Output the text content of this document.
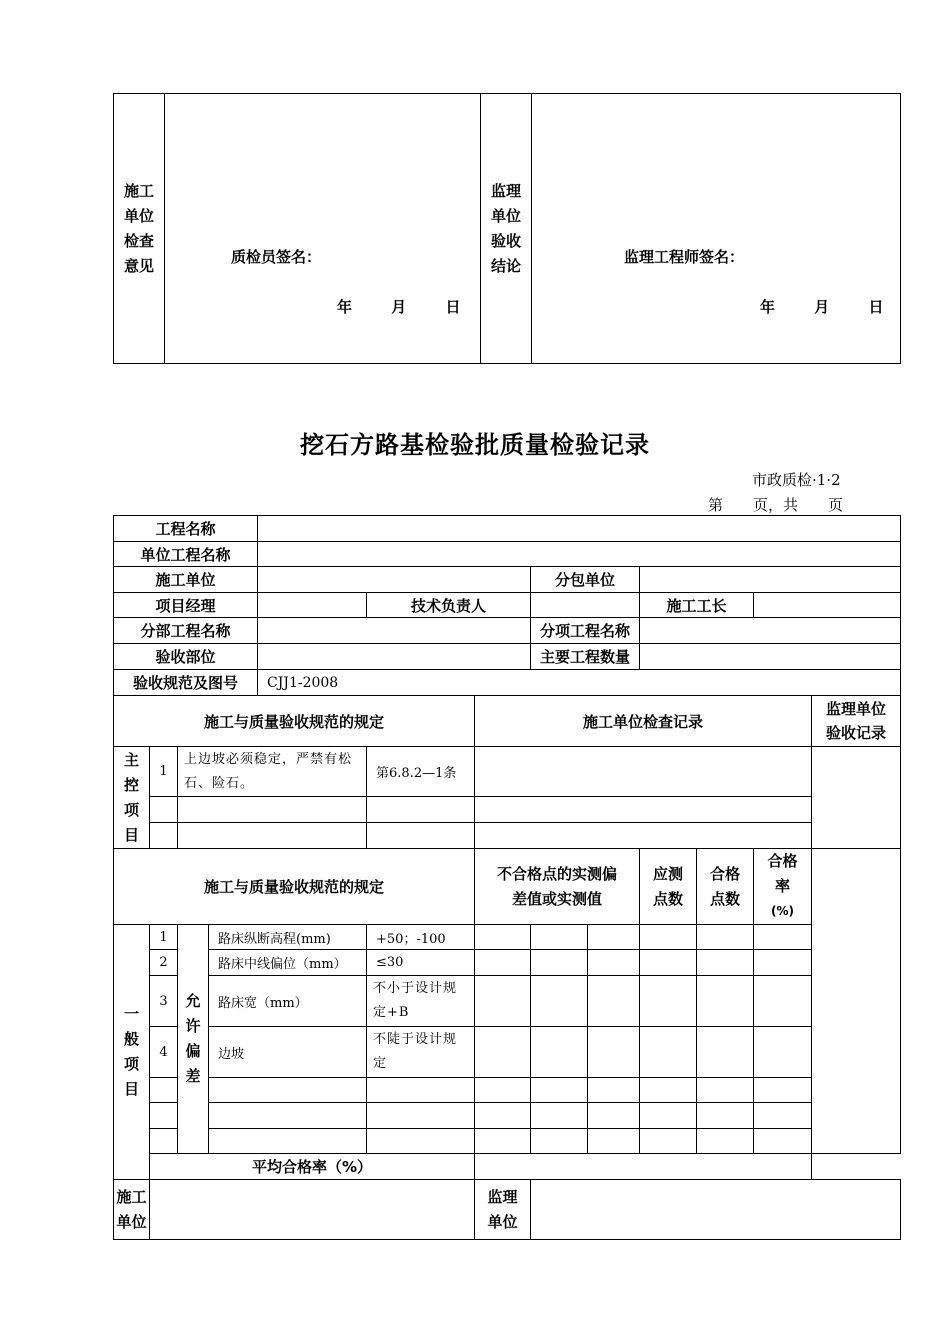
施工单位检查意见	质检员签名：
年	月	日

监理单位验收结论	监理工程师签名：
年	月	日
挖石方路基检验批质量检验记录
市政质检·1·2
第　　页，共　　页
工程名称												
单位工程名称												
施工单位							分包单位					
项目经理					技术负责人				施工工长			
分部工程名称							分项工程名称					
验收部位							主要工程数量					
验收规范及图号				CJJ1-2008								
施工与质量验收规范的规定						施工单位检查记录						监理单位验收记录

主控项目	1	上边坡必须稳定，严禁有松石、险石。			第6.8.2—1条							

施工与质量验收规范的规定						不合格点的实测偏差值或实测值			应测点数	合格点数	合格率
(%)	

一般项目	1	允许偏差	路床纵断高程(mm)		+50；-100							
	2		路床中线偏位（mm）		≤30							
	3		路床宽（mm）		不小于设计规定+B							
	4		边坡		不陡于设计规定							

	平均合格率（%）											

施工单位						监理单位						
